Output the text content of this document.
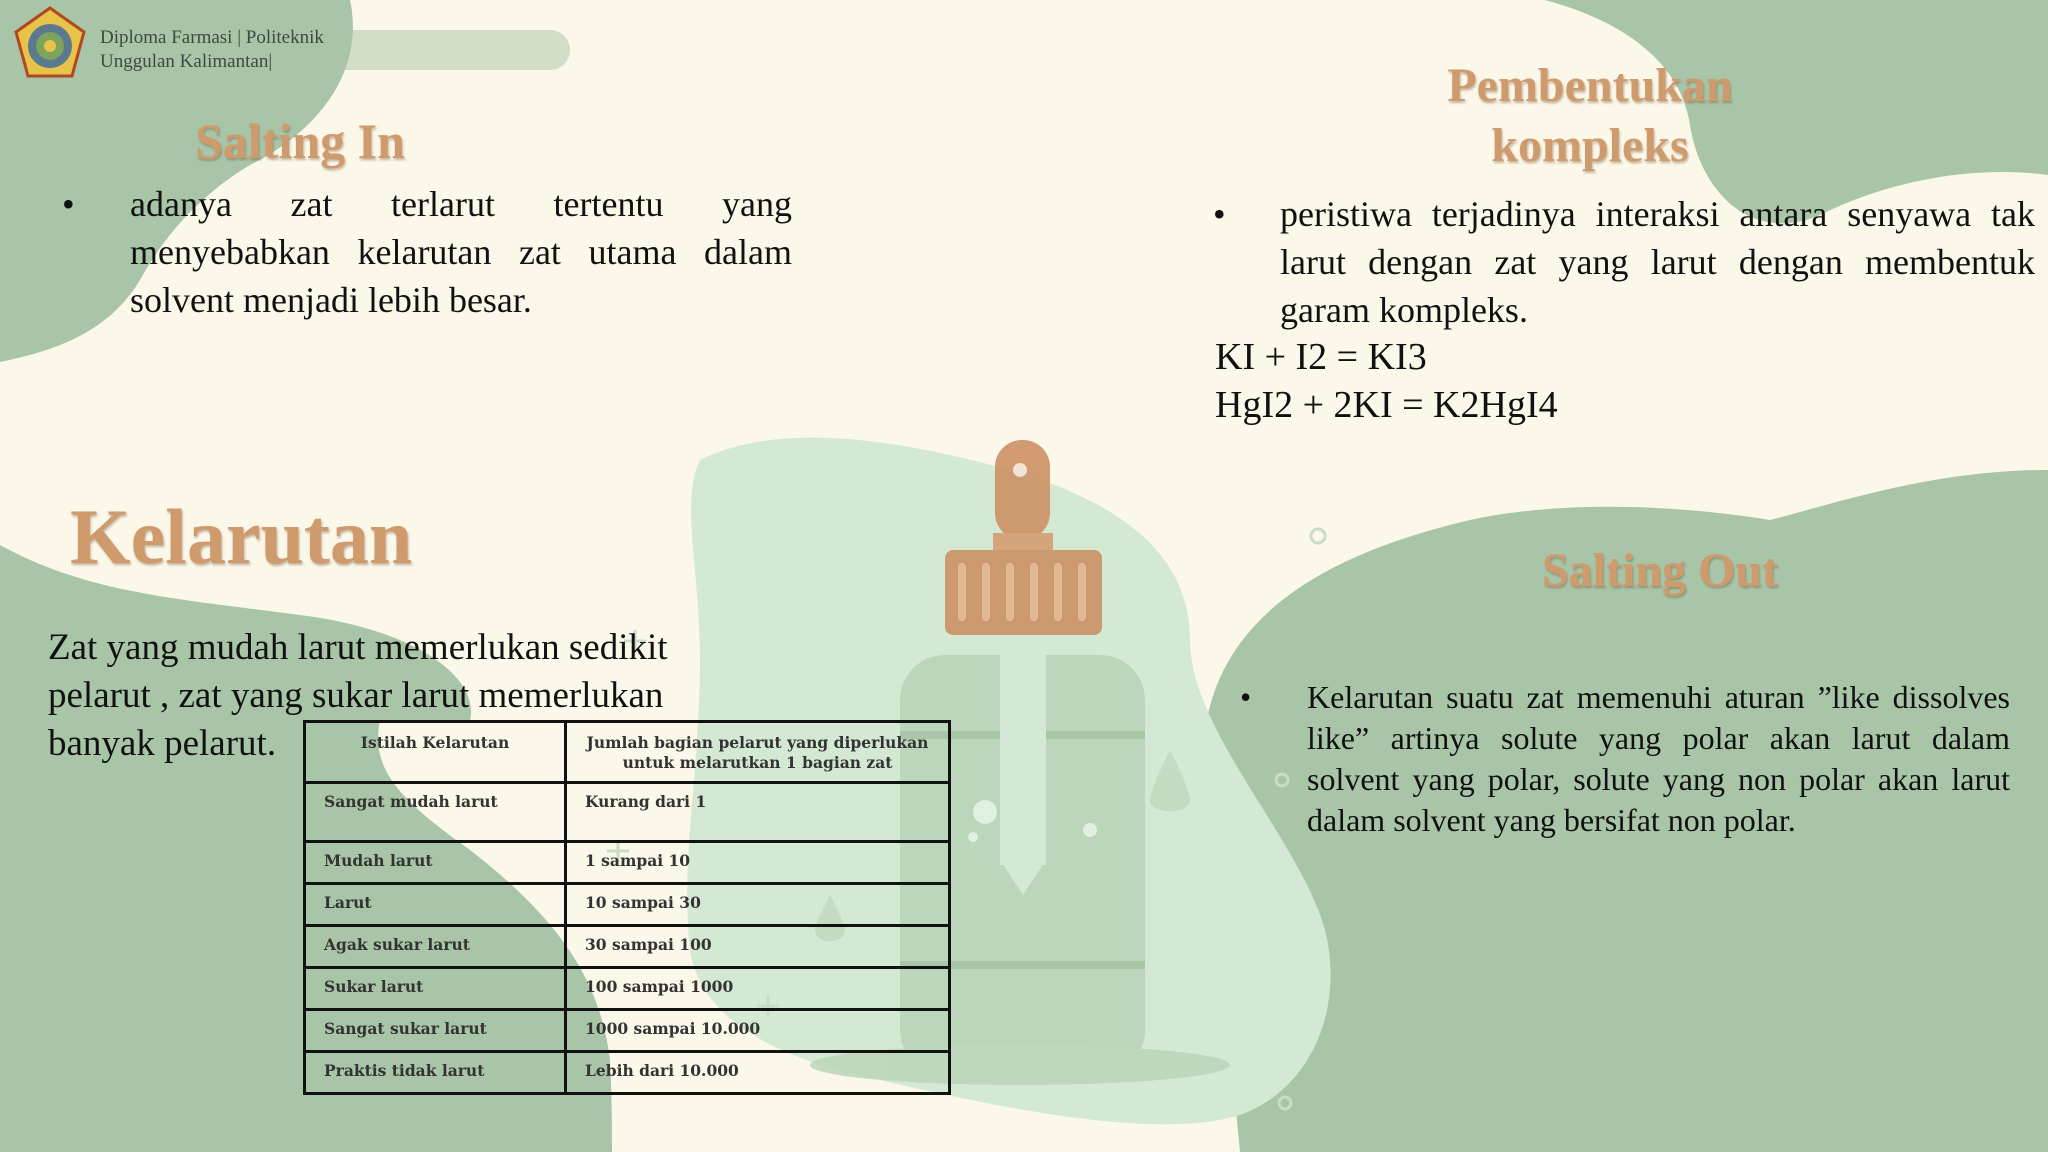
Diploma Farmasi | Politeknik
Unggulan Kalimantan|
Salting In
•	adanya zat terlarut tertentu yang menyebabkan kelarutan zat utama dalam solvent menjadi lebih besar.
Pembentukan
kompleks
•	peristiwa terjadinya interaksi antara senyawa tak larut dengan zat yang larut dengan membentuk garam kompleks.
KI + I2 = KI3
HgI2 + 2KI = K2HgI4
Kelarutan
Zat yang mudah larut memerlukan sedikit pelarut , zat yang sukar larut memerlukan banyak pelarut.
Salting Out
•	Kelarutan suatu zat memenuhi aturan ”like dissolves like” artinya solute yang polar akan larut dalam solvent yang polar, solute yang non polar akan larut dalam solvent yang bersifat non polar.
Istilah Kelarutan	Jumlah bagian pelarut yang diperlukan untuk melarutkan 1 bagian zat
Sangat mudah larut	Kurang dari 1
Mudah larut	1 sampai 10
Larut	10 sampai 30
Agak sukar larut	30 sampai 100
Sukar larut	100 sampai 1000
Sangat sukar larut	1000 sampai 10.000
Praktis tidak larut	Lebih dari 10.000
